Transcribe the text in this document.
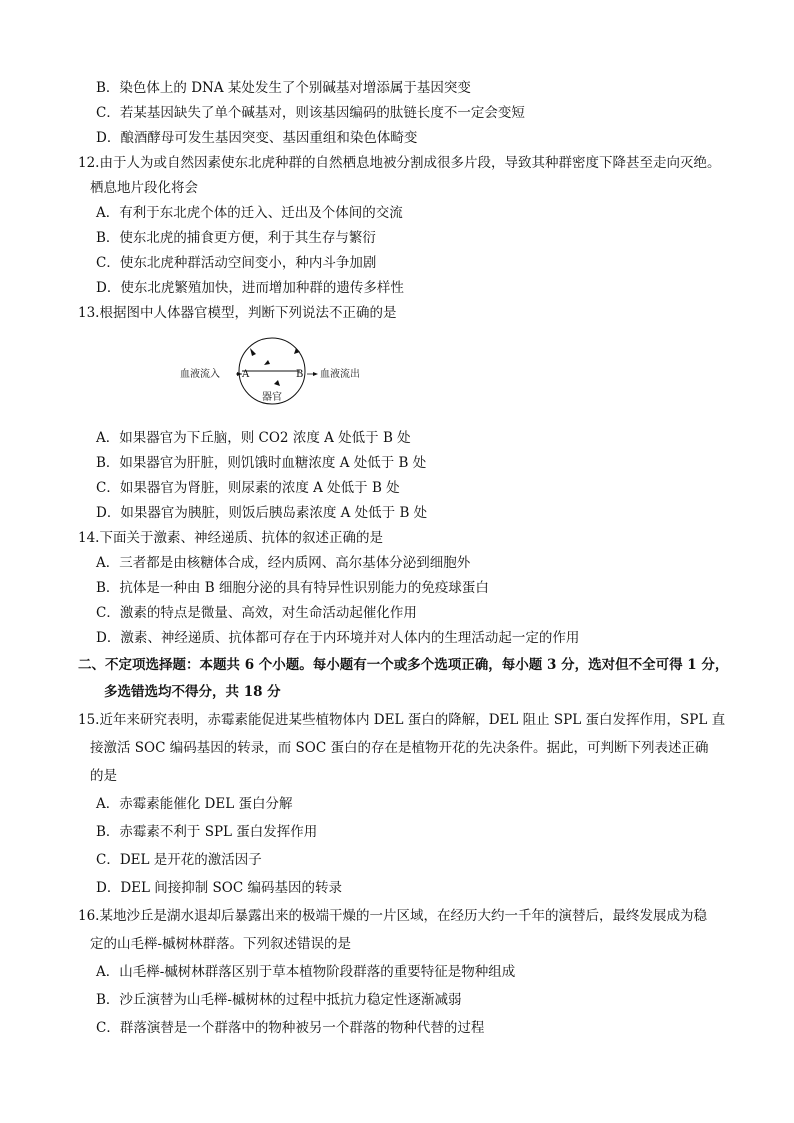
B．染色体上的 DNA 某处发生了个别碱基对增添属于基因突变
C．若某基因缺失了单个碱基对，则该基因编码的肽链长度不一定会变短
D．酿酒酵母可发生基因突变、基因重组和染色体畸变
12.由于人为或自然因素使东北虎种群的自然栖息地被分割成很多片段，导致其种群密度下降甚至走向灭绝。
栖息地片段化将会
A．有利于东北虎个体的迁入、迁出及个体间的交流
B．使东北虎的捕食更方便，利于其生存与繁衍
C．使东北虎种群活动空间变小，种内斗争加剧
D．使东北虎繁殖加快，进而增加种群的遗传多样性
13.根据图中人体器官模型，判断下列说法不正确的是
血液流入 A	B 血液流出
器官
A．如果器官为下丘脑，则 CO2 浓度 A 处低于 B 处
B．如果器官为肝脏，则饥饿时血糖浓度 A 处低于 B 处
C．如果器官为肾脏，则尿素的浓度 A 处低于 B 处
D．如果器官为胰脏，则饭后胰岛素浓度 A 处低于 B 处
14.下面关于激素、神经递质、抗体的叙述正确的是
A．三者都是由核糖体合成，经内质网、高尔基体分泌到细胞外
B．抗体是一种由 B 细胞分泌的具有特异性识别能力的免疫球蛋白
C．激素的特点是微量、高效，对生命活动起催化作用
D．激素、神经递质、抗体都可存在于内环境并对人体内的生理活动起一定的作用
二、不定项选择题：本题共 6 个小题。每小题有一个或多个选项正确，每小题 3 分，选对但不全可得 1 分，
多选错选均不得分，共 18 分
15.近年来研究表明，赤霉素能促进某些植物体内 DEL 蛋白的降解，DEL 阻止 SPL 蛋白发挥作用，SPL 直
接激活 SOC 编码基因的转录，而 SOC 蛋白的存在是植物开花的先决条件。据此，可判断下列表述正确
的是
A．赤霉素能催化 DEL 蛋白分解
B．赤霉素不利于 SPL 蛋白发挥作用
C．DEL 是开花的激活因子
D．DEL 间接抑制 SOC 编码基因的转录
16.某地沙丘是湖水退却后暴露出来的极端干燥的一片区域，在经历大约一千年的演替后，最终发展成为稳
定的山毛榉-槭树林群落。下列叙述错误的是
A．山毛榉-槭树林群落区别于草本植物阶段群落的重要特征是物种组成
B．沙丘演替为山毛榉-槭树林的过程中抵抗力稳定性逐渐减弱
C．群落演替是一个群落中的物种被另一个群落的物种代替的过程
